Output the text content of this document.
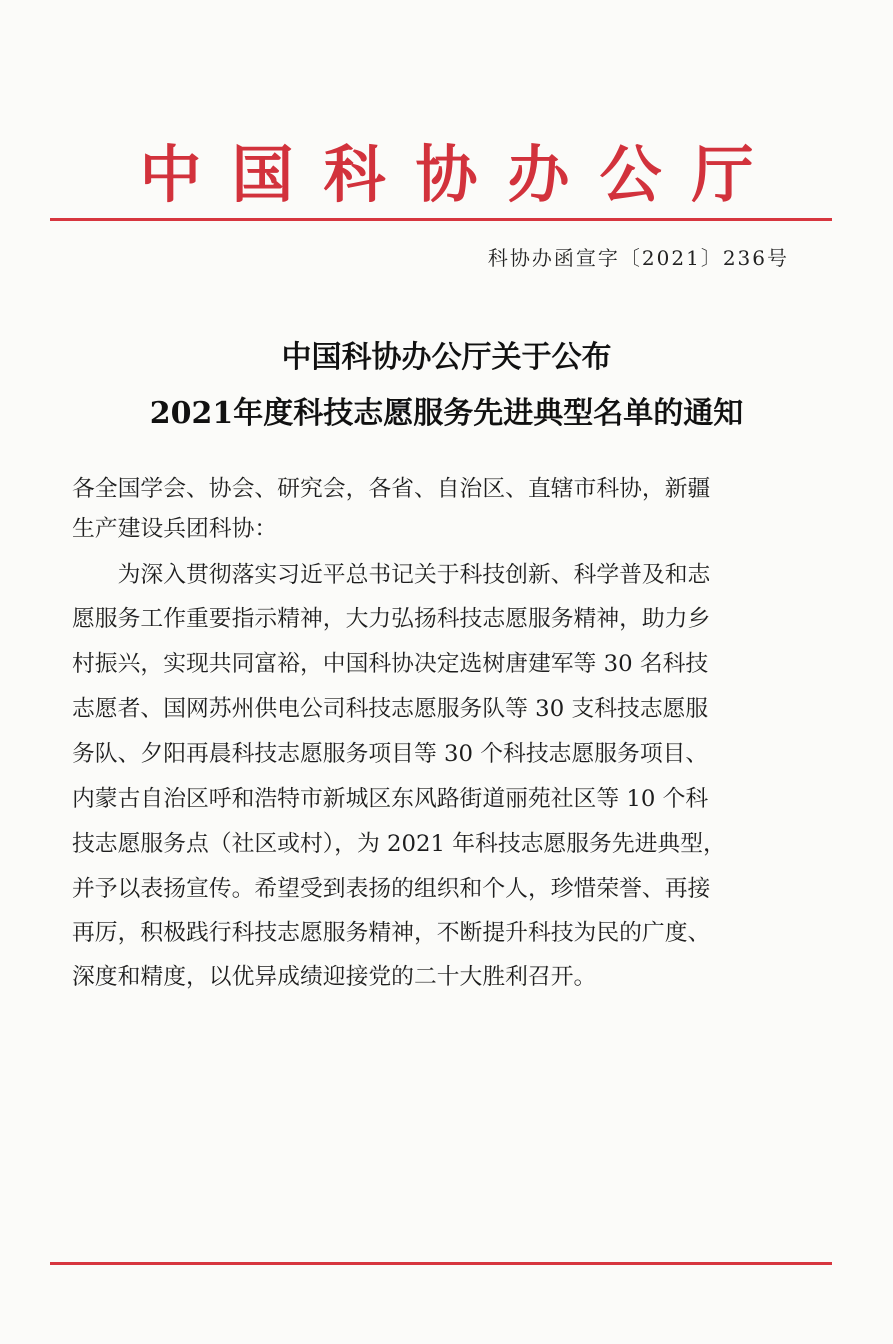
中国科协办公厅
科协办函宣字〔2021〕236号
中国科协办公厅关于公布
2021年度科技志愿服务先进典型名单的通知
各全国学会、协会、研究会，各省、自治区、直辖市科协，新疆
生产建设兵团科协：
　　为深入贯彻落实习近平总书记关于科技创新、科学普及和志
愿服务工作重要指示精神，大力弘扬科技志愿服务精神，助力乡
村振兴，实现共同富裕，中国科协决定选树唐建军等 30 名科技
志愿者、国网苏州供电公司科技志愿服务队等 30 支科技志愿服
务队、夕阳再晨科技志愿服务项目等 30 个科技志愿服务项目、
内蒙古自治区呼和浩特市新城区东风路街道丽苑社区等 10 个科
技志愿服务点（社区或村），为 2021 年科技志愿服务先进典型，
并予以表扬宣传。希望受到表扬的组织和个人，珍惜荣誉、再接
再厉，积极践行科技志愿服务精神，不断提升科技为民的广度、
深度和精度，以优异成绩迎接党的二十大胜利召开。
